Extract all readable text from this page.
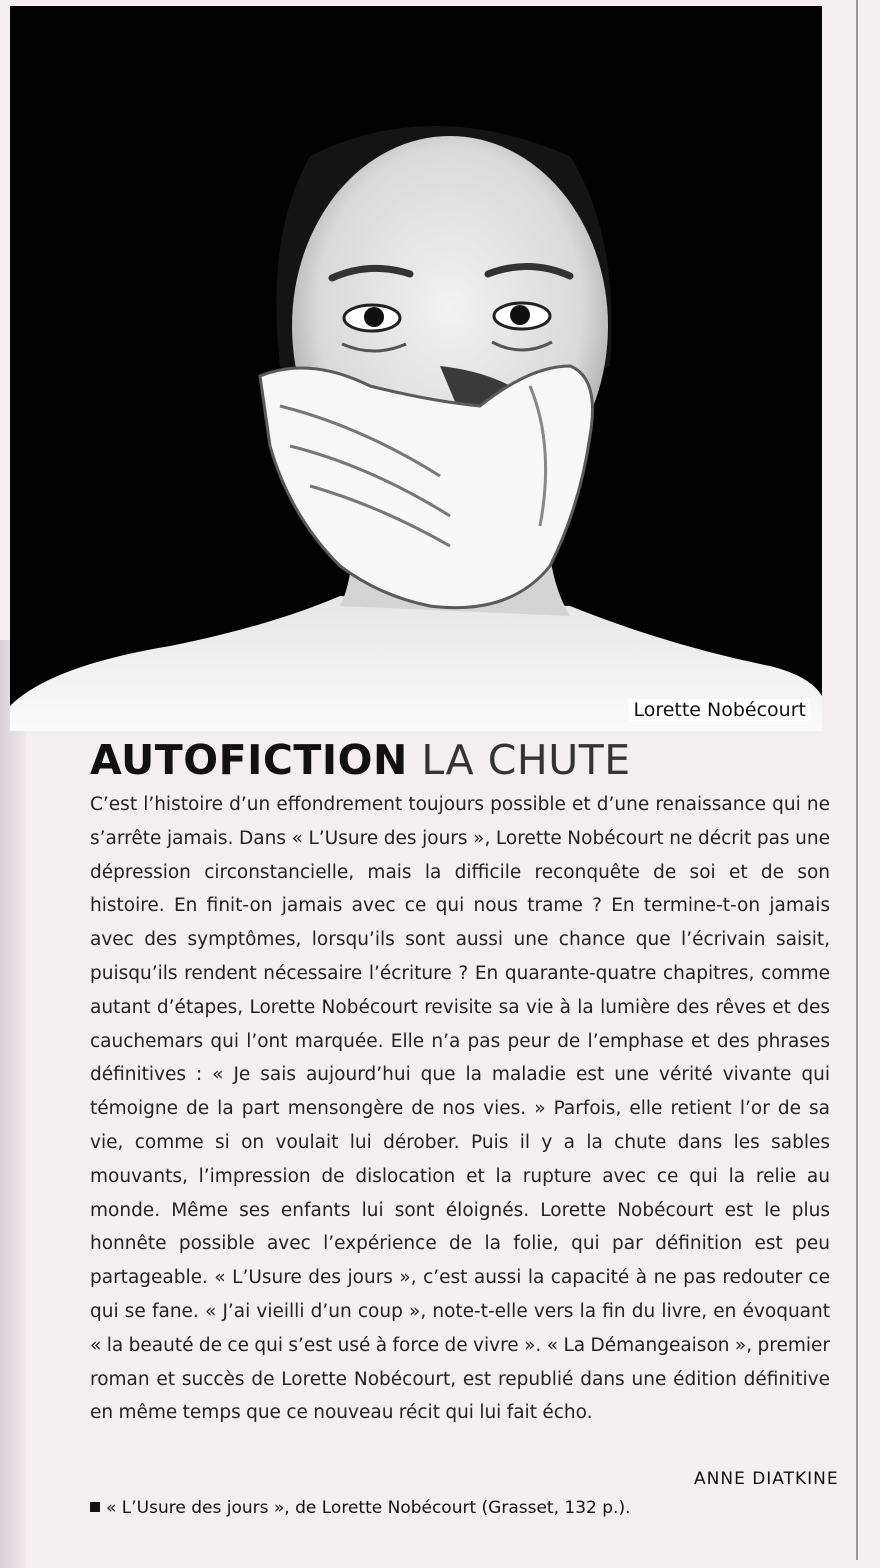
Lorette Nobécourt
AUTOFICTION LA CHUTE

C’est l’histoire d’un effondrement toujours possible et d’une renaissance qui ne s’arrête jamais. Dans « L’Usure des jours », Lorette Nobécourt ne décrit pas une dépression circonstancielle, mais la difficile reconquête de soi et de son histoire. En finit-on jamais avec ce qui nous trame ? En termine-t-on jamais avec des symptômes, lorsqu’ils sont aussi une chance que l’écrivain saisit, puisqu’ils rendent nécessaire l’écriture ? En quarante-quatre chapitres, comme autant d’étapes, Lorette Nobécourt revisite sa vie à la lumière des rêves et des cauchemars qui l’ont marquée. Elle n’a pas peur de l’emphase et des phrases définitives : « Je sais aujourd’hui que la maladie est une vérité vivante qui témoigne de la part mensongère de nos vies. » Parfois, elle retient l’or de sa vie, comme si on voulait lui dérober. Puis il y a la chute dans les sables mouvants, l’impression de dislocation et la rupture avec ce qui la relie au monde. Même ses enfants lui sont éloignés. Lorette Nobécourt est le plus honnête possible avec l’expérience de la folie, qui par définition est peu partageable. « L’Usure des jours », c’est aussi la capacité à ne pas redouter ce qui se fane. « J’ai vieilli d’un coup », note-t-elle vers la fin du livre, en évoquant « la beauté de ce qui s’est usé à force de vivre ». « La Démangeaison », premier roman et succès de Lorette Nobécourt, est republié dans une édition définitive en même temps que ce nouveau récit qui lui fait écho.

ANNE DIATKINE
« L’Usure des jours », de Lorette Nobécourt (Grasset, 132 p.).
